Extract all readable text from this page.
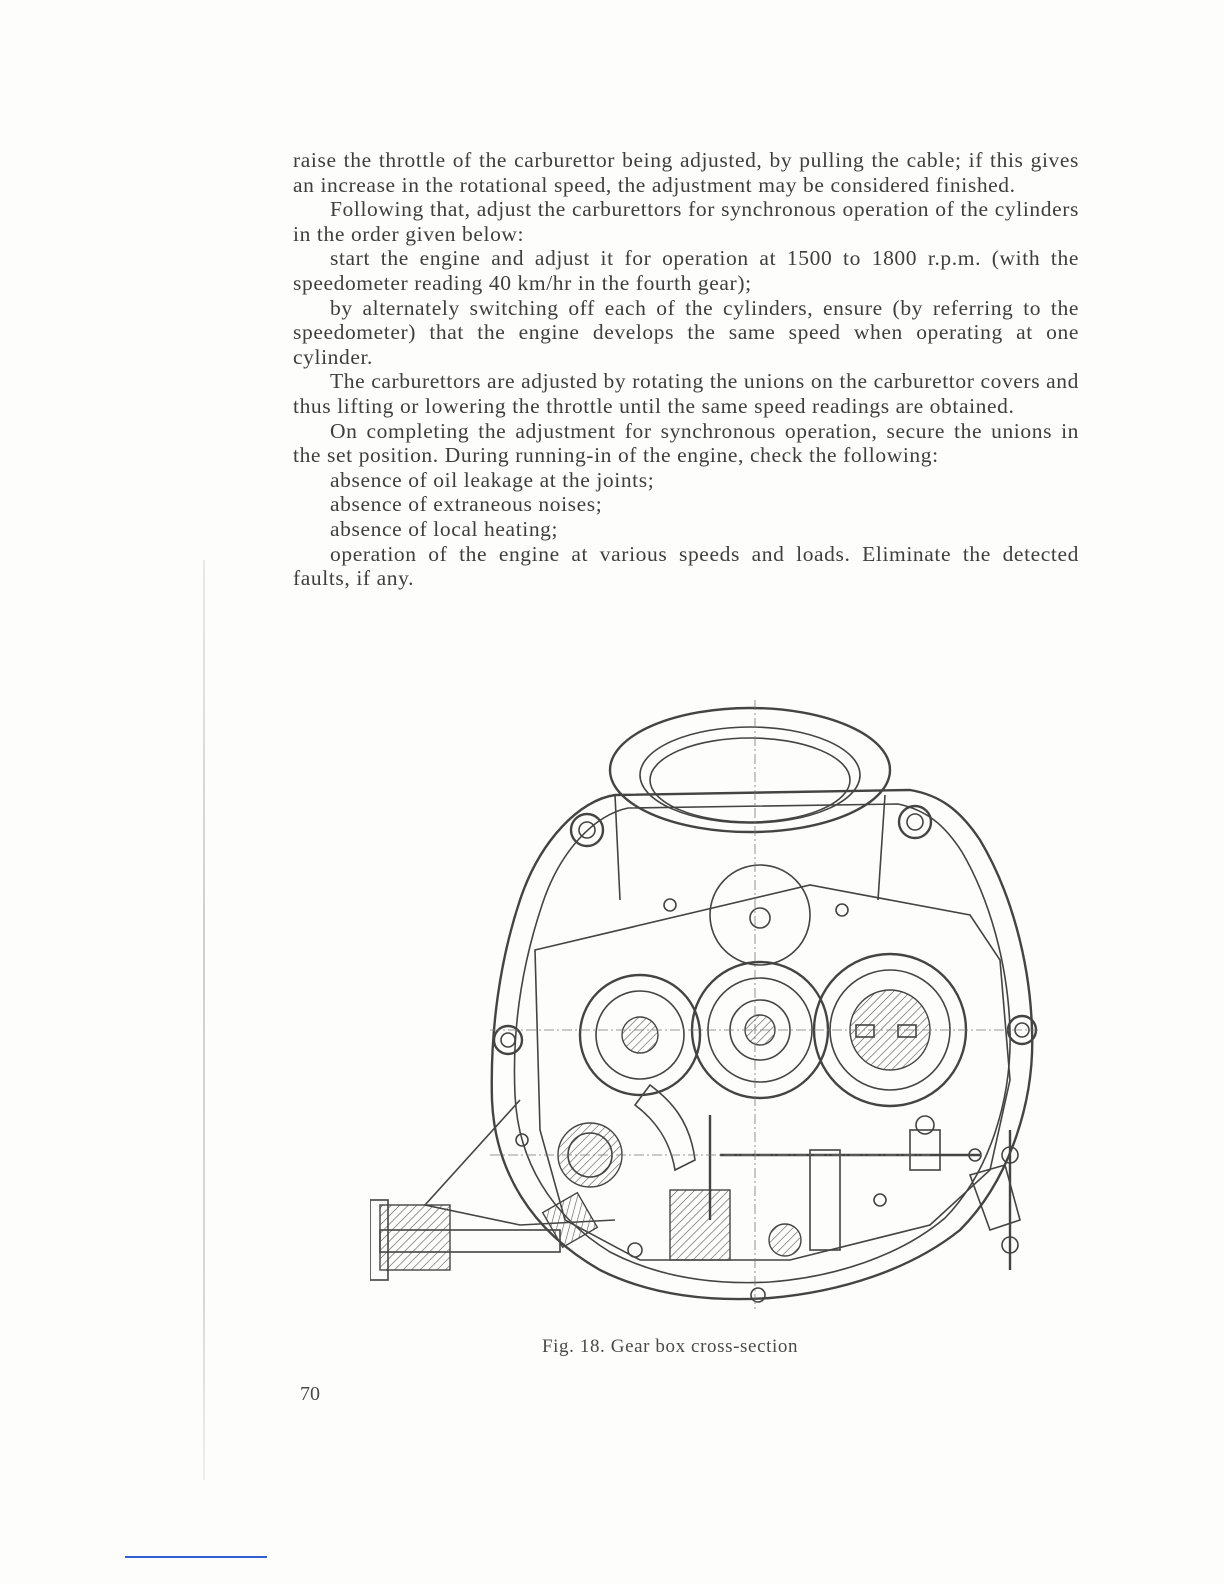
raise the throttle of the carburettor being adjusted, by pulling the cable; if this gives an increase in the rotational speed, the adjustment may be considered finished.

Following that, adjust the carburettors for synchronous operation of the cylinders in the order given below:

start the engine and adjust it for operation at 1500 to 1800 r.p.m. (with the speedometer reading 40 km/hr in the fourth gear);

by alternately switching off each of the cylinders, ensure (by referring to the speedometer) that the engine develops the same speed when operating at one cylinder.

The carburettors are adjusted by rotating the unions on the carburettor covers and thus lifting or lowering the throttle until the same speed readings are obtained.

On completing the adjustment for synchronous operation, secure the unions in the set position. During running-in of the engine, check the following:

absence of oil leakage at the joints;

absence of extraneous noises;

absence of local heating;

operation of the engine at various speeds and loads. Eliminate the detected faults, if any.

Fig. 18. Gear box cross-section
70
